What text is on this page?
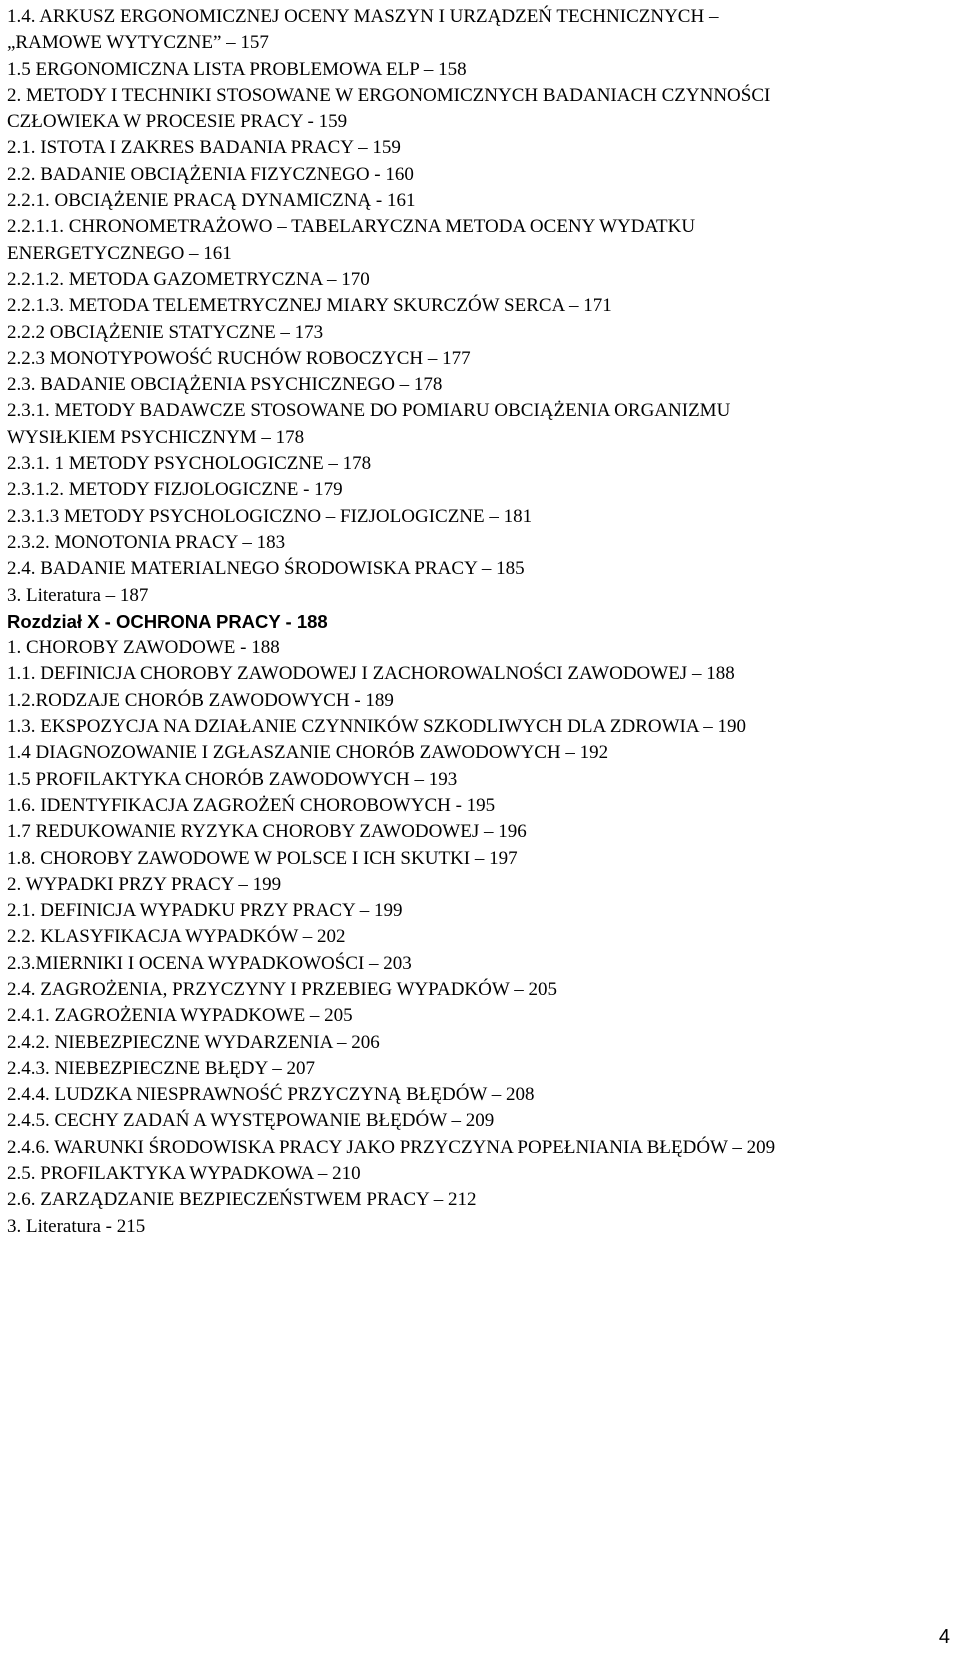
1.4. ARKUSZ ERGONOMICZNEJ OCENY MASZYN I URZĄDZEŃ TECHNICZNYCH –
„RAMOWE WYTYCZNE” – 157
1.5 ERGONOMICZNA LISTA PROBLEMOWA ELP – 158
2. METODY I TECHNIKI STOSOWANE W ERGONOMICZNYCH BADANIACH CZYNNOŚCI
CZŁOWIEKA W PROCESIE PRACY - 159
2.1. ISTOTA I ZAKRES BADANIA PRACY – 159
2.2. BADANIE OBCIĄŻENIA FIZYCZNEGO - 160
2.2.1. OBCIĄŻENIE PRACĄ DYNAMICZNĄ - 161
2.2.1.1. CHRONOMETRAŻOWO – TABELARYCZNA METODA OCENY WYDATKU
ENERGETYCZNEGO – 161
2.2.1.2. METODA GAZOMETRYCZNA – 170
2.2.1.3. METODA TELEMETRYCZNEJ MIARY SKURCZÓW SERCA – 171
2.2.2 OBCIĄŻENIE STATYCZNE – 173
2.2.3 MONOTYPOWOŚĆ RUCHÓW ROBOCZYCH – 177
2.3. BADANIE OBCIĄŻENIA PSYCHICZNEGO – 178
2.3.1. METODY BADAWCZE STOSOWANE DO POMIARU OBCIĄŻENIA ORGANIZMU
WYSIŁKIEM PSYCHICZNYM – 178
2.3.1. 1 METODY PSYCHOLOGICZNE – 178
2.3.1.2. METODY FIZJOLOGICZNE - 179
2.3.1.3 METODY PSYCHOLOGICZNO – FIZJOLOGICZNE – 181
2.3.2. MONOTONIA PRACY – 183
2.4. BADANIE MATERIALNEGO ŚRODOWISKA PRACY – 185
3. Literatura – 187
Rozdział X - OCHRONA PRACY - 188
1. CHOROBY ZAWODOWE - 188
1.1. DEFINICJA CHOROBY ZAWODOWEJ I ZACHOROWALNOŚCI ZAWODOWEJ – 188
1.2.RODZAJE CHORÓB ZAWODOWYCH - 189
1.3. EKSPOZYCJA NA DZIAŁANIE CZYNNIKÓW SZKODLIWYCH DLA ZDROWIA – 190
1.4 DIAGNOZOWANIE I ZGŁASZANIE CHORÓB ZAWODOWYCH – 192
1.5 PROFILAKTYKA CHORÓB ZAWODOWYCH – 193
1.6. IDENTYFIKACJA ZAGROŻEŃ CHOROBOWYCH - 195
1.7 REDUKOWANIE RYZYKA CHOROBY ZAWODOWEJ – 196
1.8. CHOROBY ZAWODOWE W POLSCE I ICH SKUTKI – 197
2. WYPADKI PRZY PRACY – 199
2.1. DEFINICJA WYPADKU PRZY PRACY – 199
2.2. KLASYFIKACJA WYPADKÓW – 202
2.3.MIERNIKI I OCENA WYPADKOWOŚCI – 203
2.4. ZAGROŻENIA, PRZYCZYNY I PRZEBIEG WYPADKÓW – 205
2.4.1. ZAGROŻENIA WYPADKOWE – 205
2.4.2. NIEBEZPIECZNE WYDARZENIA – 206
2.4.3. NIEBEZPIECZNE BŁĘDY – 207
2.4.4. LUDZKA NIESPRAWNOŚĆ PRZYCZYNĄ BŁĘDÓW – 208
2.4.5. CECHY ZADAŃ A WYSTĘPOWANIE BŁĘDÓW – 209
2.4.6. WARUNKI ŚRODOWISKA PRACY JAKO PRZYCZYNA POPEŁNIANIA BŁĘDÓW – 209
2.5. PROFILAKTYKA WYPADKOWA – 210
2.6. ZARZĄDZANIE BEZPIECZEŃSTWEM PRACY – 212
3. Literatura - 215
4
